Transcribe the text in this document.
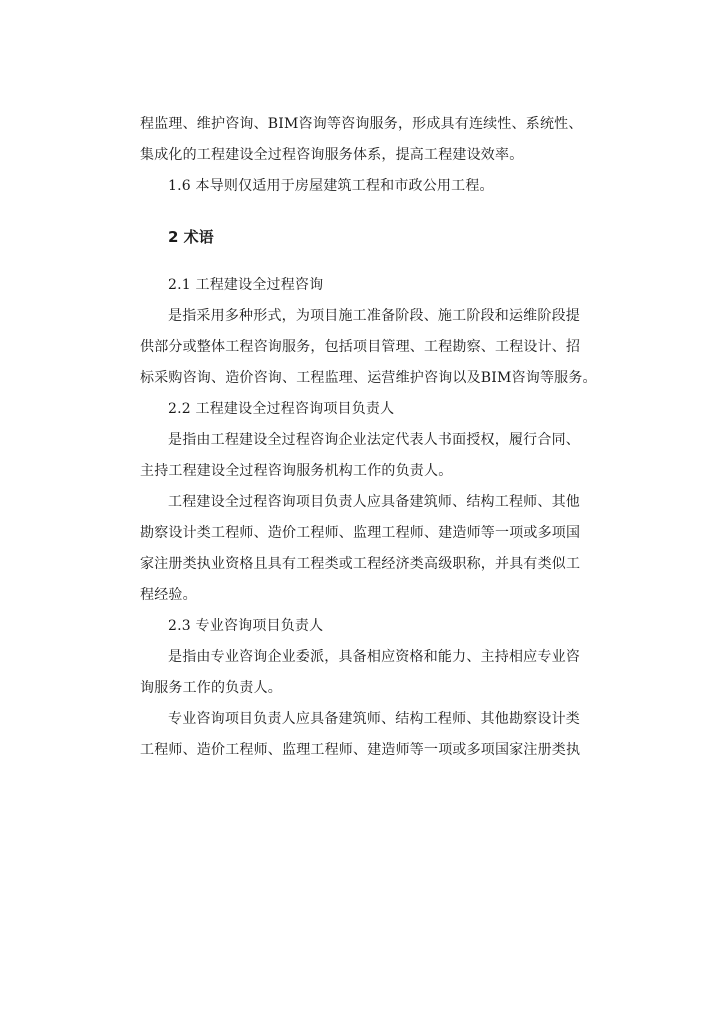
程监理、维护咨询、BIM咨询等咨询服务，形成具有连续性、系统性、
集成化的工程建设全过程咨询服务体系，提高工程建设效率。
1.6 本导则仅适用于房屋建筑工程和市政公用工程。
2 术语
2.1 工程建设全过程咨询
是指采用多种形式，为项目施工准备阶段、施工阶段和运维阶段提
供部分或整体工程咨询服务，包括项目管理、工程勘察、工程设计、招
标采购咨询、造价咨询、工程监理、运营维护咨询以及BIM咨询等服务。
2.2 工程建设全过程咨询项目负责人
是指由工程建设全过程咨询企业法定代表人书面授权，履行合同、
主持工程建设全过程咨询服务机构工作的负责人。
工程建设全过程咨询项目负责人应具备建筑师、结构工程师、其他
勘察设计类工程师、造价工程师、监理工程师、建造师等一项或多项国
家注册类执业资格且具有工程类或工程经济类高级职称，并具有类似工
程经验。
2.3 专业咨询项目负责人
是指由专业咨询企业委派，具备相应资格和能力、主持相应专业咨
询服务工作的负责人。
专业咨询项目负责人应具备建筑师、结构工程师、其他勘察设计类
工程师、造价工程师、监理工程师、建造师等一项或多项国家注册类执
